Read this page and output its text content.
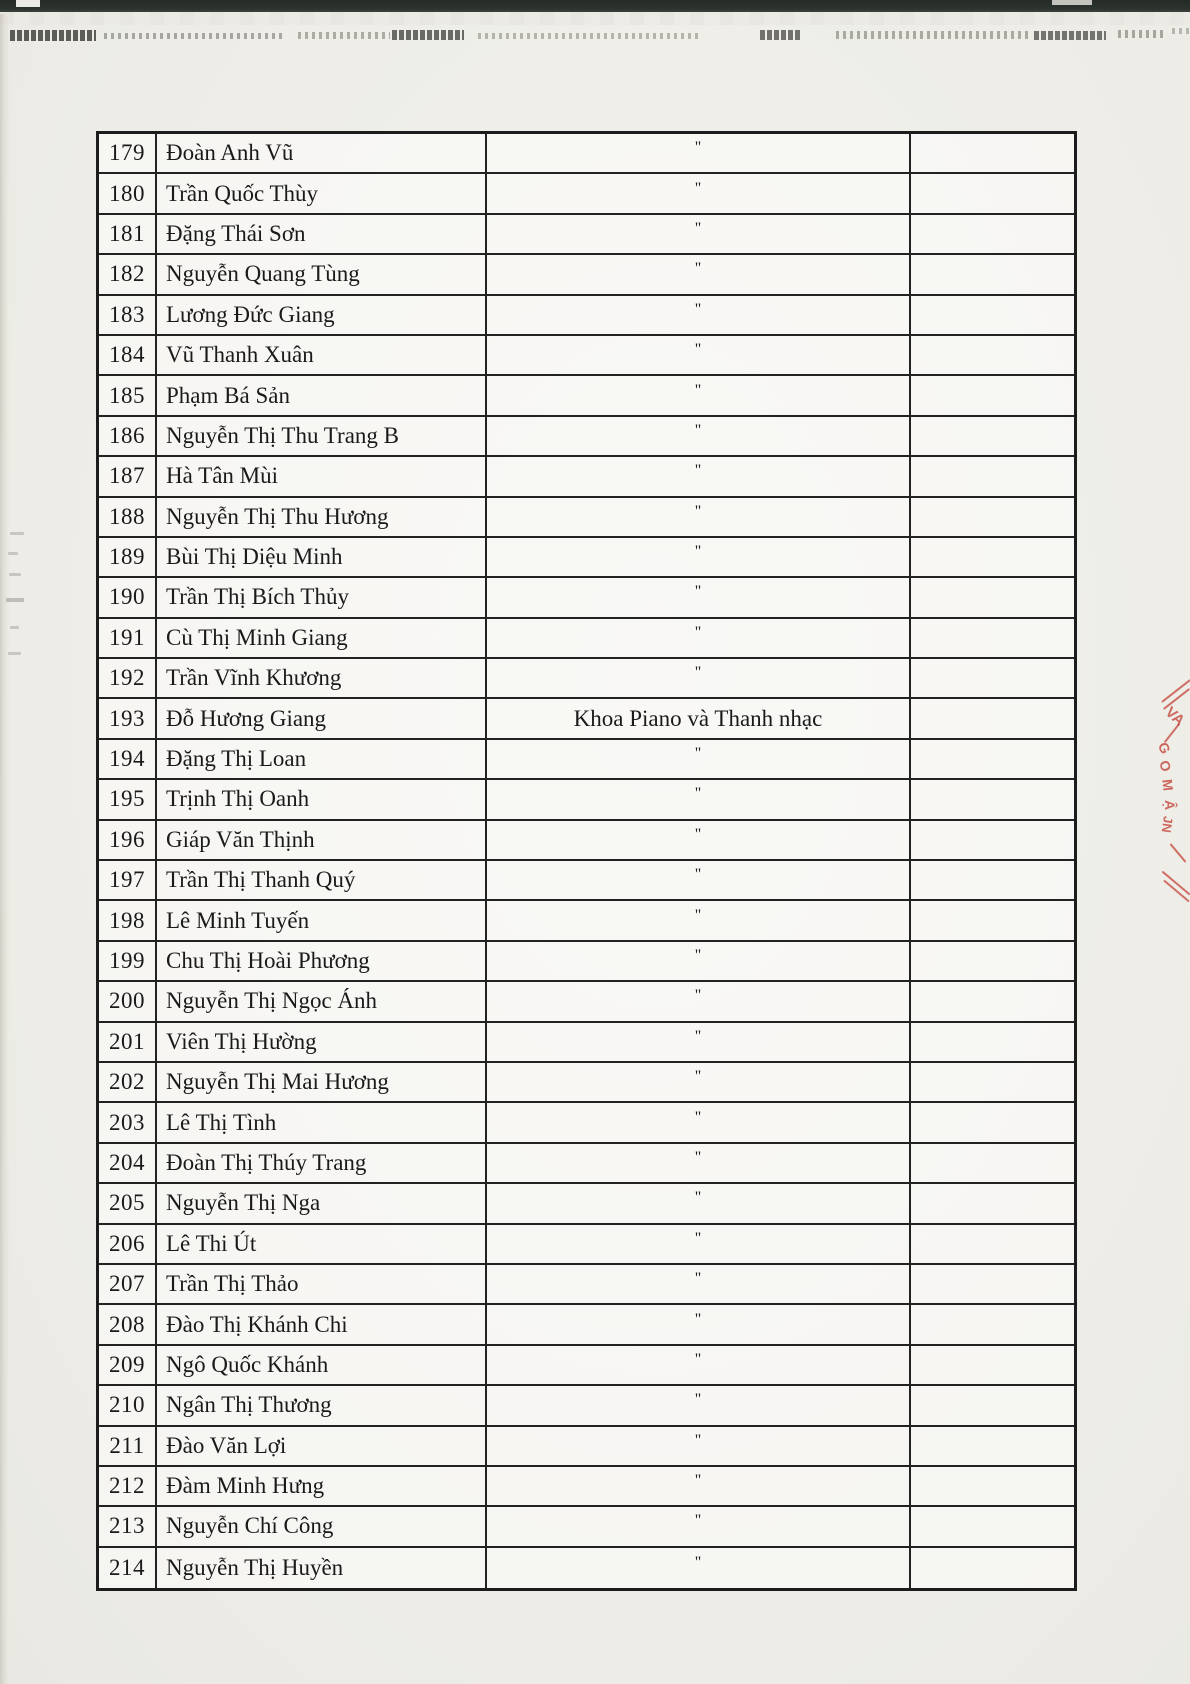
179 Đoàn Anh Vũ	"
180 Trần Quốc Thùy	"
181 Đặng Thái Sơn	"
182 Nguyễn Quang Tùng	"
183 Lương Đức Giang	"
184 Vũ Thanh Xuân	"
185 Phạm Bá Sản	"
186 Nguyễn Thị Thu Trang B	"
187 Hà Tân Mùi	"
188 Nguyễn Thị Thu Hương	"
189 Bùi Thị Diệu Minh	"
190 Trần Thị Bích Thủy	"
191 Cù Thị Minh Giang	"
192 Trần Vĩnh Khương	"
193 Đỗ Hương Giang	Khoa Piano và Thanh nhạc
194 Đặng Thị Loan	"
195 Trịnh Thị Oanh	"
196 Giáp Văn Thịnh	"
197 Trần Thị Thanh Quý	"
198 Lê Minh Tuyến	"
199 Chu Thị Hoài Phương	"
200 Nguyễn Thị Ngọc Ánh	"
201 Viên Thị Hường	"
202 Nguyễn Thị Mai Hương	"
203 Lê Thị Tình	"
204 Đoàn Thị Thúy Trang	"
205 Nguyễn Thị Nga	"
206 Lê Thi Út	"
207 Trần Thị Thảo	"
208 Đào Thị Khánh Chi	"
209 Ngô Quốc Khánh	"
210 Ngân Thị Thương	"
211 Đào Văn Lợi	"
212 Đàm Minh Hưng	"
213 Nguyễn Chí Công	"
214 Nguyễn Thị Huyền	"
VA
G
O
M
Ậ
JN
